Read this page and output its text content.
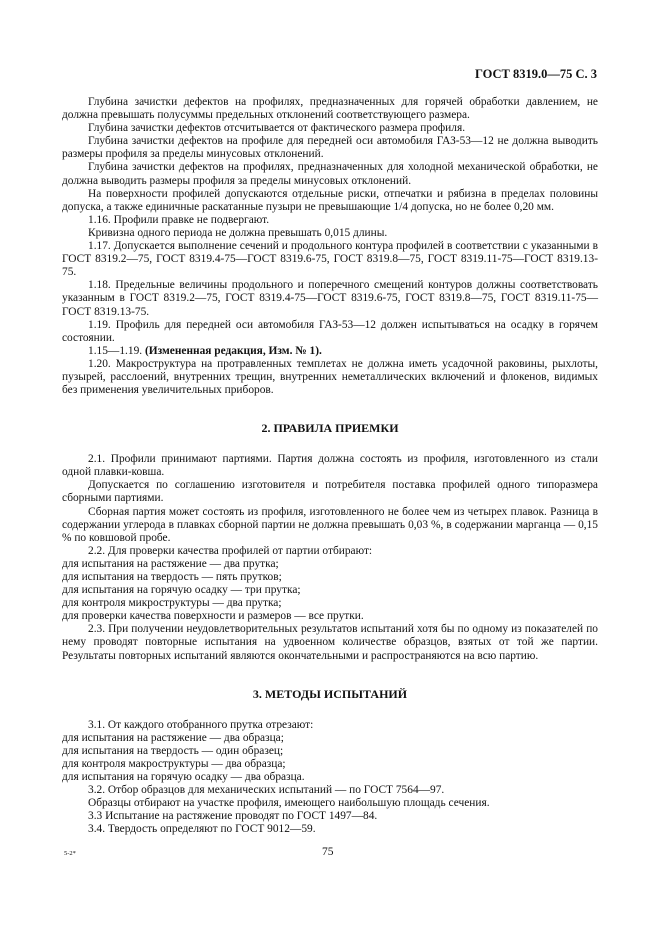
ГОСТ 8319.0—75 С. 3

Глубина зачистки дефектов на профилях, предназначенных для горячей обработки давлением, не должна превышать полусуммы предельных отклонений соответствующего размера.

Глубина зачистки дефектов отсчитывается от фактического размера профиля.

Глубина зачистки дефектов на профиле для передней оси автомобиля ГАЗ-53—12 не должна выводить размеры профиля за пределы минусовых отклонений.

Глубина зачистки дефектов на профилях, предназначенных для холодной механической обработки, не должна выводить размеры профиля за пределы минусовых отклонений.

На поверхности профилей допускаются отдельные риски, отпечатки и рябизна в пределах половины допуска, а также единичные раскатанные пузыри не превышающие 1/4 допуска, но не более 0,20 мм.

1.16. Профили правке не подвергают.

Кривизна одного периода не должна превышать 0,015 длины.

1.17. Допускается выполнение сечений и продольного контура профилей в соответствии с указанными в ГОСТ 8319.2—75, ГОСТ 8319.4-75—ГОСТ 8319.6-75, ГОСТ 8319.8—75, ГОСТ 8319.11-75—ГОСТ 8319.13-75.

1.18. Предельные величины продольного и поперечного смещений контуров должны соответствовать указанным в ГОСТ 8319.2—75, ГОСТ 8319.4-75—ГОСТ 8319.6-75, ГОСТ 8319.8—75, ГОСТ 8319.11-75—ГОСТ 8319.13-75.

1.19. Профиль для передней оси автомобиля ГАЗ-53—12 должен испытываться на осадку в горячем состоянии.

1.15—1.19. (Измененная редакция, Изм. № 1).

1.20. Макроструктура на протравленных темплетах не должна иметь усадочной раковины, рыхлоты, пузырей, расслоений, внутренних трещин, внутренних неметаллических включений и флокенов, видимых без применения увеличительных приборов.

2. ПРАВИЛА ПРИЕМКИ

2.1. Профили принимают партиями. Партия должна состоять из профиля, изготовленного из стали одной плавки-ковша.

Допускается по соглашению изготовителя и потребителя поставка профилей одного типоразмера сборными партиями.

Сборная партия может состоять из профиля, изготовленного не более чем из четырех плавок. Разница в содержании углерода в плавках сборной партии не должна превышать 0,03 %, в содержании марганца — 0,15 % по ковшовой пробе.

2.2. Для проверки качества профилей от партии отбирают:

для испытания на растяжение — два прутка;

для испытания на твердость — пять прутков;

для испытания на горячую осадку — три прутка;

для контроля микроструктуры — два прутка;

для проверки качества поверхности и размеров — все прутки.

2.3. При получении неудовлетворительных результатов испытаний хотя бы по одному из показателей по нему проводят повторные испытания на удвоенном количестве образцов, взятых от той же партии. Результаты повторных испытаний являются окончательными и распространяются на всю партию.

3. МЕТОДЫ ИСПЫТАНИЙ

3.1. От каждого отобранного прутка отрезают:

для испытания на растяжение — два образца;

для испытания на твердость — один образец;

для контроля макроструктуры — два образца;

для испытания на горячую осадку — два образца.

3.2. Отбор образцов для механических испытаний — по ГОСТ 7564—97.

Образцы отбирают на участке профиля, имеющего наибольшую площадь сечения.

3.3 Испытание на растяжение проводят по ГОСТ 1497—84.

3.4. Твердость определяют по ГОСТ 9012—59.

5-2*	75
